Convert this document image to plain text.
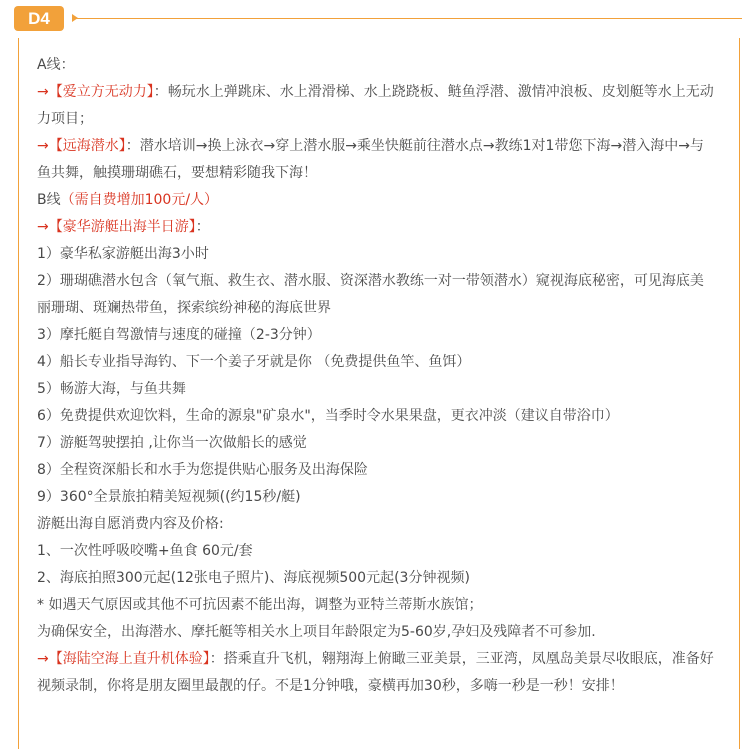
D4
A线：
→【爱立方无动力】：畅玩水上弹跳床、水上滑滑梯、水上跷跷板、鲢鱼浮潜、激情冲浪板、皮划艇等水上无动力项目；
→【远海潜水】：潜水培训→换上泳衣→穿上潜水服→乘坐快艇前往潜水点→教练1对1带您下海→潜入海中→与鱼共舞，触摸珊瑚礁石，要想精彩随我下海！
B线（需自费增加100元/人）
→【豪华游艇出海半日游】：
1）豪华私家游艇出海3小时
2）珊瑚礁潜水包含（氧气瓶、救生衣、潜水服、资深潜水教练一对一带领潜水）窥视海底秘密，可见海底美丽珊瑚、斑斓热带鱼，探索缤纷神秘的海底世界
3）摩托艇自驾激情与速度的碰撞（2-3分钟）
4）船长专业指导海钓、下一个姜子牙就是你 （免费提供鱼竿、鱼饵）
5）畅游大海，与鱼共舞
6）免费提供欢迎饮料，生命的源泉"矿泉水"，当季时令水果果盘，更衣冲淡（建议自带浴巾）
7）游艇驾驶摆拍 ,让你当一次做船长的感觉
8）全程资深船长和水手为您提供贴心服务及出海保险
9）360°全景旅拍精美短视频((约15秒/艇)
游艇出海自愿消费内容及价格:
1、一次性呼吸咬嘴+鱼食 60元/套
2、海底拍照300元起(12张电子照片)、海底视频500元起(3分钟视频)
* 如遇天气原因或其他不可抗因素不能出海，调整为亚特兰蒂斯水族馆；
为确保安全，出海潜水、摩托艇等相关水上项目年龄限定为5-60岁,孕妇及残障者不可参加.
→【海陆空海上直升机体验】：搭乘直升飞机，翱翔海上俯瞰三亚美景，三亚湾，凤凰岛美景尽收眼底，准备好视频录制，你将是朋友圈里最靓的仔。不是1分钟哦，豪横再加30秒，多嗨一秒是一秒！安排！
